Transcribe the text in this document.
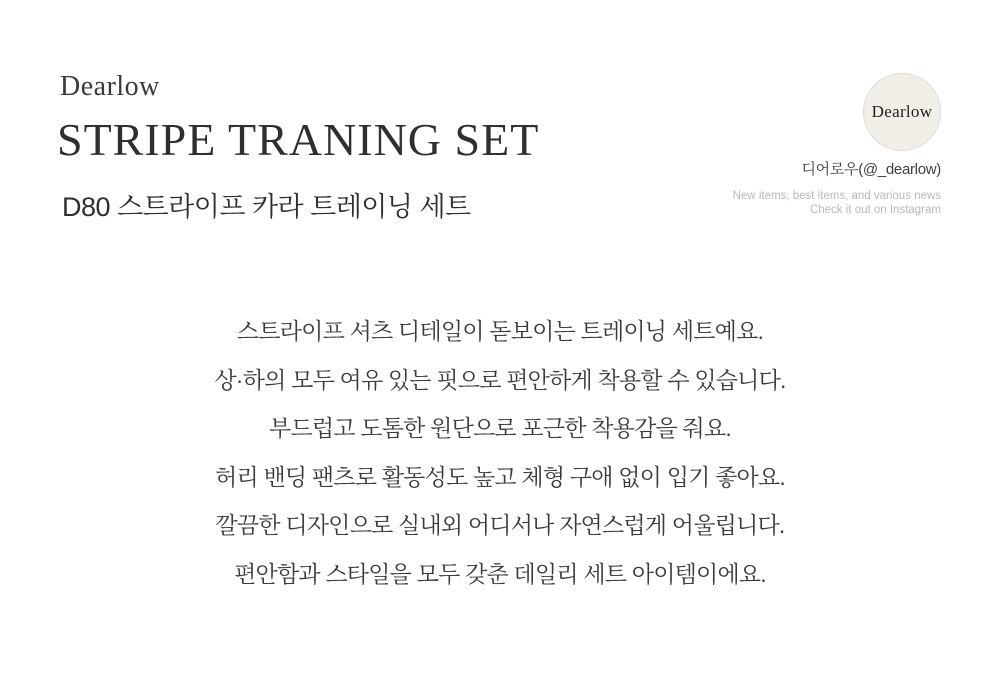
Dearlow
STRIPE TRANING SET
D80 스트라이프 카라 트레이닝 세트
Dearlow
디어로우(@_dearlow)
New items, best items, and various news
Check it out on Instagram

스트라이프 셔츠 디테일이 돋보이는 트레이닝 세트예요.

상·하의 모두 여유 있는 핏으로 편안하게 착용할 수 있습니다.

부드럽고 도톰한 원단으로 포근한 착용감을 줘요.

허리 밴딩 팬츠로 활동성도 높고 체형 구애 없이 입기 좋아요.

깔끔한 디자인으로 실내외 어디서나 자연스럽게 어울립니다.

편안함과 스타일을 모두 갖춘 데일리 세트 아이템이에요.
